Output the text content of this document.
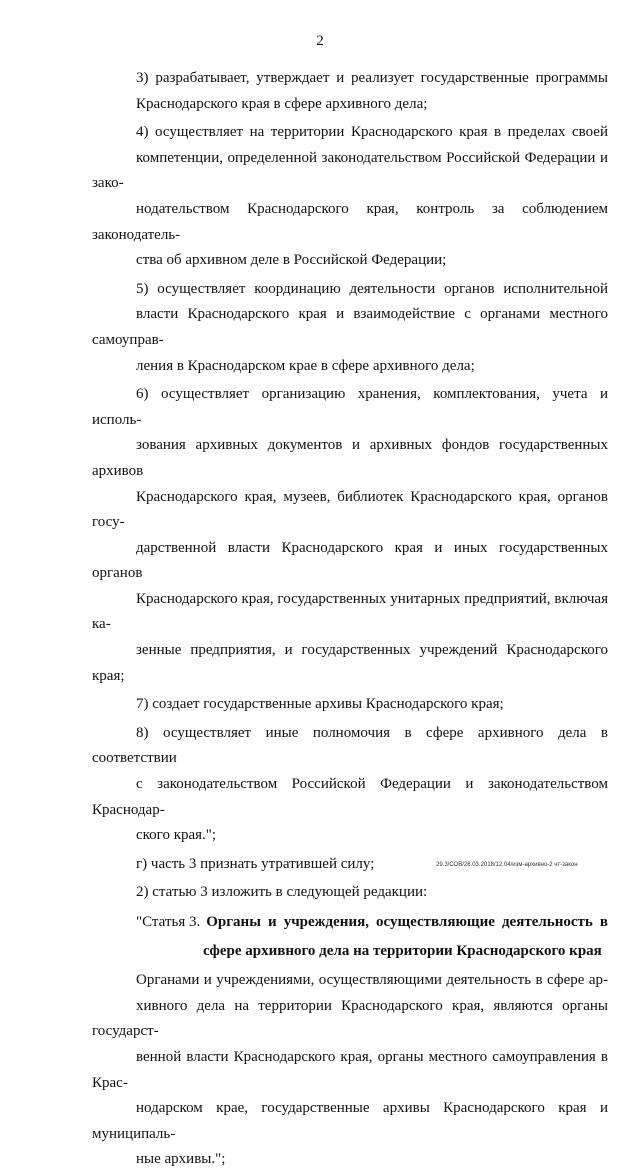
2

3) разрабатывает, утверждает и реализует государственные программы
Краснодарского края в сфере архивного дела;

4) осуществляет на территории Краснодарского края в пределах своей
компетенции, определенной законодательством Российской Федерации и зако-
нодательством Краснодарского края, контроль за соблюдением законодатель-
ства об архивном деле в Российской Федерации;

5) осуществляет координацию деятельности органов исполнительной
власти Краснодарского края и взаимодействие с органами местного самоуправ-
ления в Краснодарском крае в сфере архивного дела;

6) осуществляет организацию хранения, комплектования, учета и исполь-
зования архивных документов и архивных фондов государственных архивов
Краснодарского края, музеев, библиотек Краснодарского края, органов госу-
дарственной власти Краснодарского края и иных государственных органов
Краснодарского края, государственных унитарных предприятий, включая ка-
зенные предприятия, и государственных учреждений Краснодарского края;

7) создает государственные архивы Краснодарского края;

8) осуществляет иные полномочия в сфере архивного дела в соответствии
с законодательством Российской Федерации и законодательством Краснодар-
ского края.";

г) часть 3 признать утратившей силу;

2) статью 3 изложить в следующей редакции:

"Статья 3. Органы и учреждения, осуществляющие деятельность в
сфере архивного дела на территории Краснодарского края

Органами и учреждениями, осуществляющими деятельность в сфере ар-
хивного дела на территории Краснодарского края, являются органы государст-
венной власти Краснодарского края, органы местного самоуправления в Крас-
нодарском крае, государственные архивы Краснодарского края и муниципаль-
ные архивы.";

29.3/СОВ/26.03.2018/12.04/изм-архивно-2 чт-закон
